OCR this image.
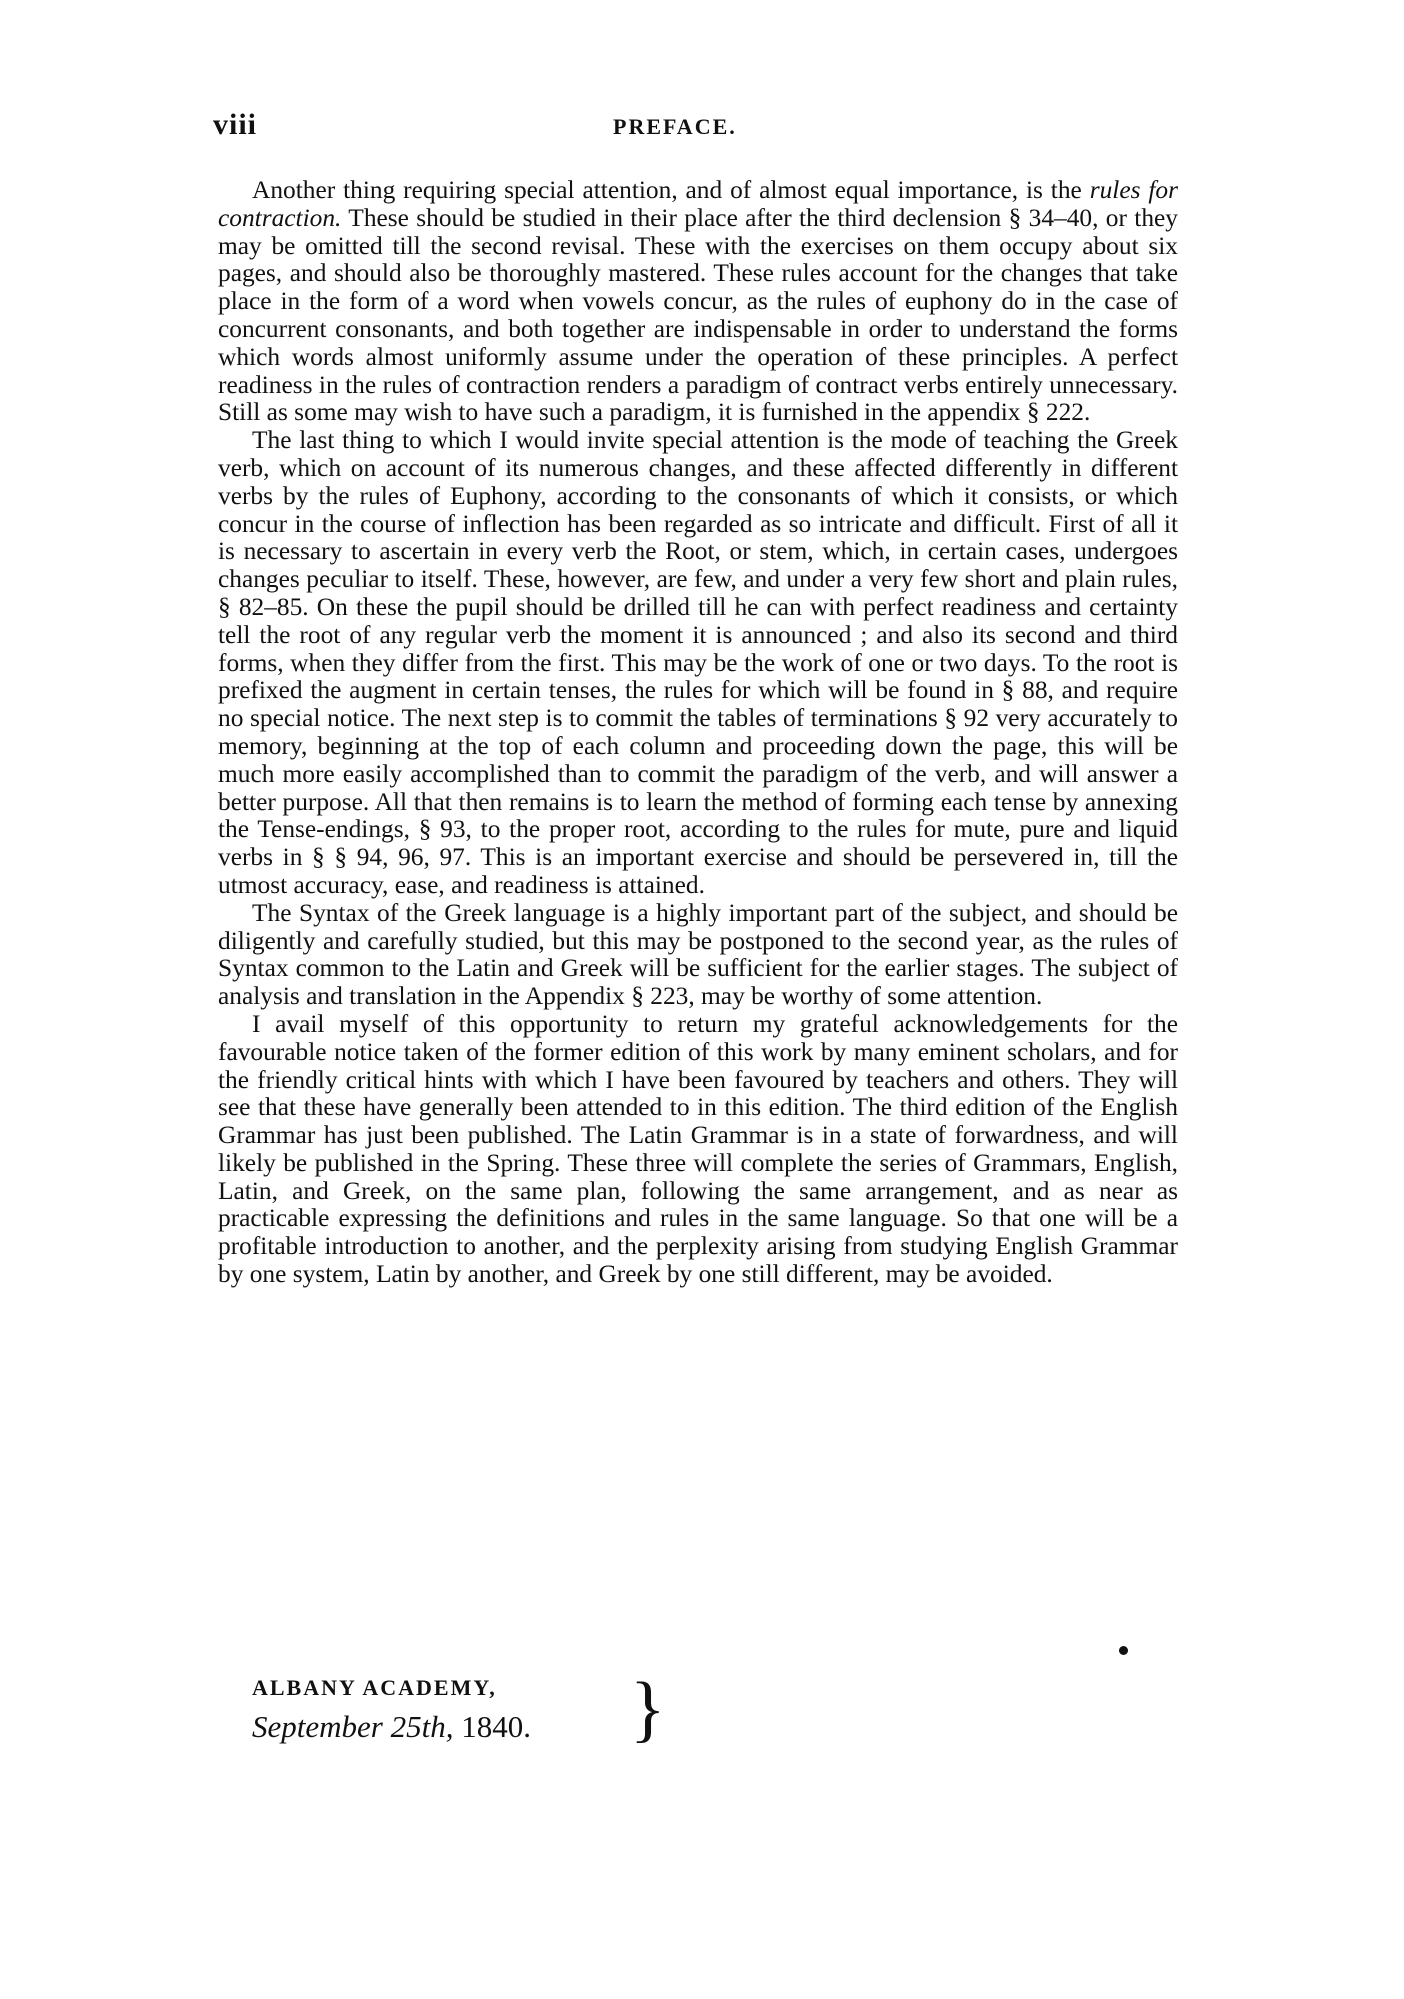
viii	PREFACE.

Another thing requiring special attention, and of almost equal importance, is the rules for contraction. These should be studied in their place after the third declension § 34–40, or they may be omitted till the second revisal. These with the exercises on them occupy about six pages, and should also be thoroughly mastered. These rules account for the changes that take place in the form of a word when vowels concur, as the rules of euphony do in the case of concurrent consonants, and both together are indispensable in order to understand the forms which words almost uniformly assume under the operation of these principles. A perfect readiness in the rules of contraction renders a paradigm of contract verbs entirely unnecessary. Still as some may wish to have such a paradigm, it is furnished in the appendix § 222.

The last thing to which I would invite special attention is the mode of teaching the Greek verb, which on account of its numerous changes, and these affected differently in different verbs by the rules of Euphony, according to the consonants of which it consists, or which concur in the course of inflection has been regarded as so intricate and difficult. First of all it is necessary to ascertain in every verb the Root, or stem, which, in certain cases, undergoes changes peculiar to itself. These, however, are few, and under a very few short and plain rules, § 82–85. On these the pupil should be drilled till he can with perfect readiness and certainty tell the root of any regular verb the moment it is announced ; and also its second and third forms, when they differ from the first. This may be the work of one or two days. To the root is prefixed the augment in certain tenses, the rules for which will be found in § 88, and require no special notice. The next step is to commit the tables of terminations § 92 very accurately to memory, beginning at the top of each column and proceeding down the page, this will be much more easily accomplished than to commit the paradigm of the verb, and will answer a better purpose. All that then remains is to learn the method of forming each tense by annexing the Tense-endings, § 93, to the proper root, according to the rules for mute, pure and liquid verbs in § § 94, 96, 97. This is an important exercise and should be persevered in, till the utmost accuracy, ease, and readiness is attained.

The Syntax of the Greek language is a highly important part of the subject, and should be diligently and carefully studied, but this may be postponed to the second year, as the rules of Syntax common to the Latin and Greek will be sufficient for the earlier stages. The subject of analysis and translation in the Appendix § 223, may be worthy of some attention.

I avail myself of this opportunity to return my grateful acknowledgements for the favourable notice taken of the former edition of this work by many eminent scholars, and for the friendly critical hints with which I have been favoured by teachers and others. They will see that these have generally been attended to in this edition. The third edition of the English Grammar has just been published. The Latin Grammar is in a state of forwardness, and will likely be published in the Spring. These three will complete the series of Grammars, English, Latin, and Greek, on the same plan, following the same arrangement, and as near as practicable expressing the definitions and rules in the same language. So that one will be a profitable introduction to another, and the perplexity arising from studying English Grammar by one system, Latin by another, and Greek by one still different, may be avoided.

ALBANY ACADEMY,
September 25th, 1840.	}
